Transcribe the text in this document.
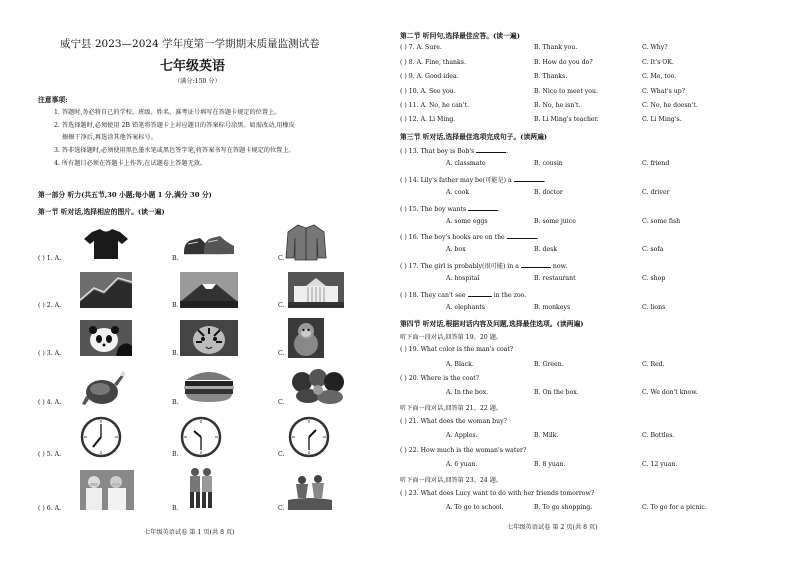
威宁县 2023—2024 学年度第一学期期末质量监测试卷
七年级英语
（满分:150 分）
注意事项:
1. 答题时,务必将自己的学校、班级、姓名、准考证号填写在答题卡规定的位置上。
2. 答选择题时,必须使用 2B 铅笔将答题卡上对应题目的答案标号涂黑。如需改动,用橡皮
擦擦干净后,再选涂其他答案标号。
3. 答非选择题时,必须使用黑色墨水笔或黑色签字笔,将答案书写在答题卡规定的位置上。
4. 所有题目必须在答题卡上作答,在试题卷上答题无效。
第一部分 听力(共五节,30 小题;每小题 1 分,满分 30 分)
第一节 听对话,选择相应的图片。(读一遍)
( ) 1. A.	B.	C.
( ) 2. A.	B.	C.
( ) 3. A.	B.	C.
( ) 4. A.	B.	C.
( ) 5. A.	B.	C.
( ) 6. A.	B.	C.
七年级英语试卷 第 1 页(共 8 页)
第二节 听问句,选择最佳应答。(读一遍)
( ) 7. A. Sure.	B. Thank you.	C. Why?
( ) 8. A. Fine, thanks.	B. How do you do?	C. It's OK.
( ) 9. A. Good idea.	B. Thanks.	C. Me, too.
( ) 10. A. See you.	B. Nice to meet you.	C. What's up?
( ) 11. A. No, he can't.	B. No, he isn't.	C. No, he doesn't.
( ) 12. A. Li Ming.	B. Li Ming's teacher.	C. Li Ming's.
第三节 听对话,选择最佳选项完成句子。(读两遍)
( ) 13. That boy is Bob's	.
A. classmate	B. cousin	C. friend
( ) 14. Lily's father may be(可能是) a	.
A. cook	B. doctor	C. driver
( ) 15. The boy wants	.
A. some eggs	B. some juice	C. some fish
( ) 16. The boy's books are on the	.
A. box	B. desk	C. sofa
( ) 17. The girl is probably(很可能) in a	now.
A. hospital	B. restaurant	C. shop
( ) 18. They can't see	in the zoo.
A. elephants	B. monkeys	C. lions
第四节 听对话,根据对话内容及问题,选择最佳选项。(读两遍)
听下面一段对话,回答第 19、20 题。
( ) 19. What color is the man's coat?
A. Black.	B. Green.	C. Red.
( ) 20. Where is the coat?
A. In the box.	B. On the box.	C. We don't know.
听下面一段对话,回答第 21、22 题。
( ) 21. What does the woman buy?
A. Apples.	B. Milk.	C. Bottles.
( ) 22. How much is the woman's water?
A. 6 yuan.	B. 8 yuan.	C. 12 yuan.
听下面一段对话,回答第 23、24 题。
( ) 23. What does Lucy want to do with her friends tomorrow?
A. To go to school.	B. To go shopping.	C. To go for a picnic.
七年级英语试卷 第 2 页(共 8 页)
